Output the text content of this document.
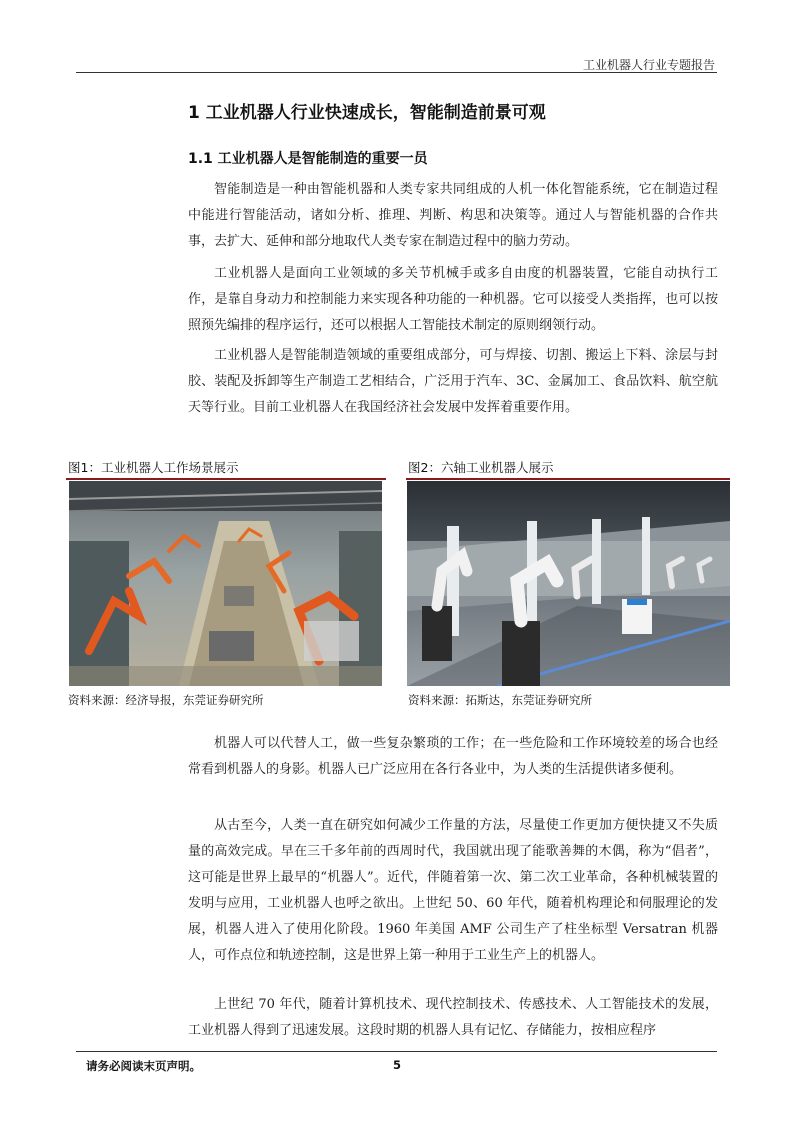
工业机器人行业专题报告
1 工业机器人行业快速成长，智能制造前景可观
1.1 工业机器人是智能制造的重要一员

智能制造是一种由智能机器和人类专家共同组成的人机一体化智能系统，它在制造过程中能进行智能活动，诸如分析、推理、判断、构思和决策等。通过人与智能机器的合作共事，去扩大、延伸和部分地取代人类专家在制造过程中的脑力劳动。

工业机器人是面向工业领域的多关节机械手或多自由度的机器装置，它能自动执行工作，是靠自身动力和控制能力来实现各种功能的一种机器。它可以接受人类指挥，也可以按照预先编排的程序运行，还可以根据人工智能技术制定的原则纲领行动。

工业机器人是智能制造领域的重要组成部分，可与焊接、切割、搬运上下料、涂层与封胶、装配及拆卸等生产制造工艺相结合，广泛用于汽车、3C、金属加工、食品饮料、航空航天等行业。目前工业机器人在我国经济社会发展中发挥着重要作用。

图1：工业机器人工作场景展示
资料来源：经济导报，东莞证券研究所
图2：六轴工业机器人展示
资料来源：拓斯达，东莞证券研究所

机器人可以代替人工，做一些复杂繁琐的工作；在一些危险和工作环境较差的场合也经常看到机器人的身影。机器人已广泛应用在各行各业中，为人类的生活提供诸多便利。

从古至今，人类一直在研究如何减少工作量的方法，尽量使工作更加方便快捷又不失质量的高效完成。早在三千多年前的西周时代，我国就出现了能歌善舞的木偶，称为“倡者”，这可能是世界上最早的“机器人”。近代，伴随着第一次、第二次工业革命，各种机械装置的发明与应用，工业机器人也呼之欲出。上世纪 50、60 年代，随着机构理论和伺服理论的发展，机器人进入了使用化阶段。1960 年美国 AMF 公司生产了柱坐标型 Versatran 机器人，可作点位和轨迹控制，这是世界上第一种用于工业生产上的机器人。

上世纪 70 年代，随着计算机技术、现代控制技术、传感技术、人工智能技术的发展，工业机器人得到了迅速发展。这段时期的机器人具有记忆、存储能力，按相应程序

请务必阅读末页声明。	5
